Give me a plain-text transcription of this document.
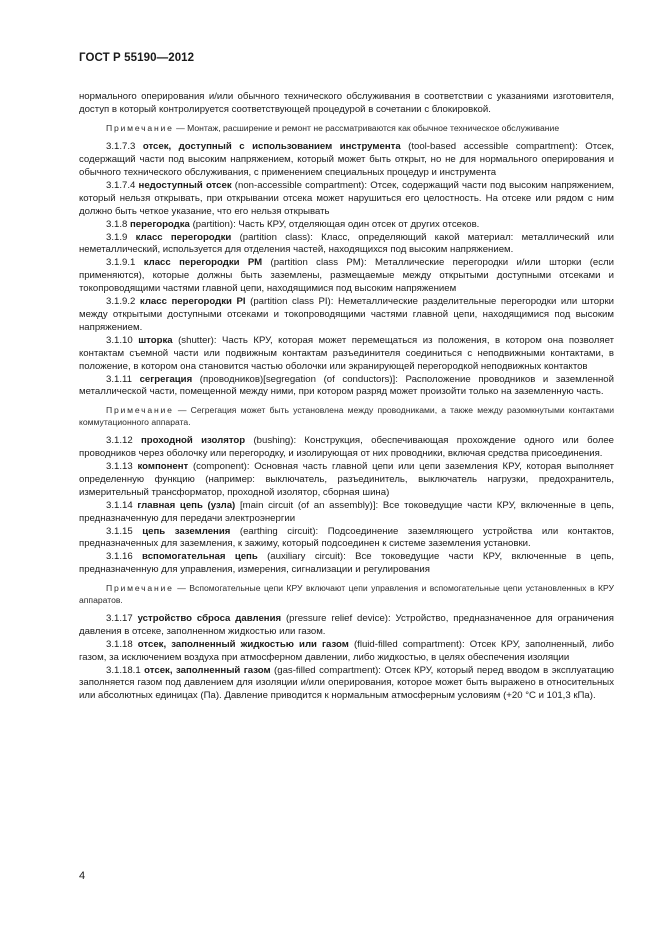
ГОСТ Р 55190—2012

нормального оперирования и/или обычного технического обслуживания в соответствии с указаниями изготовителя, доступ в который контролируется соответствующей процедурой в сочетании с блокировкой.

Примечание — Монтаж, расширение и ремонт не рассматриваются как обычное техническое обслуживание

3.1.7.3 отсек, доступный с использованием инструмента (tool-based accessible compartment): Отсек, содержащий части под высоким напряжением, который может быть открыт, но не для нормального оперирования и обычного технического обслуживания, с применением специальных процедур и инструмента

3.1.7.4 недоступный отсек (non-accessible compartment): Отсек, содержащий части под высоким напряжением, который нельзя открывать, при открывании отсека может нарушиться его целостность. На отсеке или рядом с ним должно быть четкое указание, что его нельзя открывать

3.1.8 перегородка (partition): Часть КРУ, отделяющая один отсек от других отсеков.

3.1.9 класс перегородки (partition class): Класс, определяющий какой материал: металлический или неметаллический, используется для отделения частей, находящихся под высоким напряжением.

3.1.9.1 класс перегородки РМ (partition class PM): Металлические перегородки и/или шторки (если применяются), которые должны быть заземлены, размещаемые между открытыми доступными отсеками и токопроводящими частями главной цепи, находящимися под высоким напряжением

3.1.9.2 класс перегородки PI (partition class PI): Неметаллические разделительные перегородки или шторки между открытыми доступными отсеками и токопроводящими частями главной цепи, находящимися под высоким напряжением.

3.1.10 шторка (shutter): Часть КРУ, которая может перемещаться из положения, в котором она позволяет контактам съемной части или подвижным контактам разъединителя соединиться с неподвижными контактами, в положение, в котором она становится частью оболочки или экранирующей перегородкой неподвижных контактов

3.1.11 сегрегация (проводников)[segregation (of conductors)]: Расположение проводников и заземленной металлической части, помещенной между ними, при котором разряд может произойти только на заземленную часть.

Примечание — Сегрегация может быть установлена между проводниками, а также между разомкнутыми контактами коммутационного аппарата.

3.1.12 проходной изолятор (bushing): Конструкция, обеспечивающая прохождение одного или более проводников через оболочку или перегородку, и изолирующая от них проводники, включая средства присоединения.

3.1.13 компонент (component): Основная часть главной цепи или цепи заземления КРУ, которая выполняет определенную функцию (например: выключатель, разъединитель, выключатель нагрузки, предохранитель, измерительный трансформатор, проходной изолятор, сборная шина)

3.1.14 главная цепь (узла) [main circuit (of an assembly)]: Все токоведущие части КРУ, включенные в цепь, предназначенную для передачи электроэнергии

3.1.15 цепь заземления (earthing circuit): Подсоединение заземляющего устройства или контактов, предназначенных для заземления, к зажиму, который подсоединен к системе заземления установки.

3.1.16 вспомогательная цепь (auxiliary circuit): Все токоведущие части КРУ, включенные в цепь, предназначенную для управления, измерения, сигнализации и регулирования

Примечание — Вспомогательные цепи КРУ включают цепи управления и вспомогательные цепи установленных в КРУ аппаратов.

3.1.17 устройство сброса давления (pressure relief device): Устройство, предназначенное для ограничения давления в отсеке, заполненном жидкостью или газом.

3.1.18 отсек, заполненный жидкостью или газом (fluid-filled compartment): Отсек КРУ, заполненный, либо газом, за исключением воздуха при атмосферном давлении, либо жидкостью, в целях обеспечения изоляции

3.1.18.1 отсек, заполненный газом (gas-filled compartment): Отсек КРУ, который перед вводом в эксплуатацию заполняется газом под давлением для изоляции и/или оперирования, которое может быть выражено в относительных или абсолютных единицах (Па). Давление приводится к нормальным атмосферным условиям (+20 °С и 101,3 кПа).

4
